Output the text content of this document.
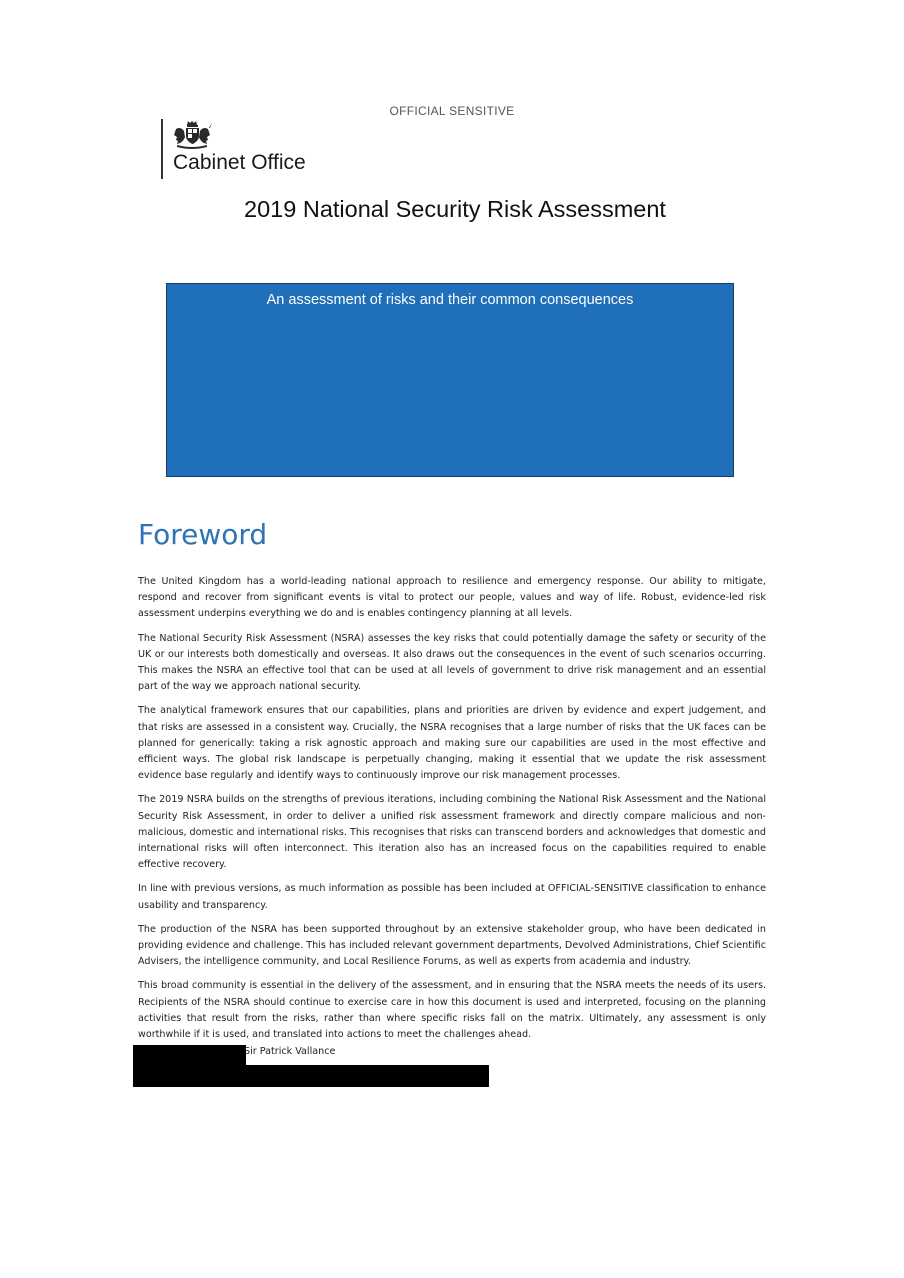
OFFICIAL SENSITIVE
Cabinet Office
2019 National Security Risk Assessment
An assessment of risks and their common consequences
Foreword

The United Kingdom has a world-leading national approach to resilience and emergency response. Our ability to mitigate, respond and recover from significant events is vital to protect our people, values and way of life. Robust, evidence-led risk assessment underpins everything we do and is enables contingency planning at all levels.

The National Security Risk Assessment (NSRA) assesses the key risks that could potentially damage the safety or security of the UK or our interests both domestically and overseas. It also draws out the consequences in the event of such scenarios occurring. This makes the NSRA an effective tool that can be used at all levels of government to drive risk management and an essential part of the way we approach national security.

The analytical framework ensures that our capabilities, plans and priorities are driven by evidence and expert judgement, and that risks are assessed in a consistent way. Crucially, the NSRA recognises that a large number of risks that the UK faces can be planned for generically: taking a risk agnostic approach and making sure our capabilities are used in the most effective and efficient ways. The global risk landscape is perpetually changing, making it essential that we update the risk assessment evidence base regularly and identify ways to continuously improve our risk management processes.

The 2019 NSRA builds on the strengths of previous iterations, including combining the National Risk Assessment and the National Security Risk Assessment, in order to deliver a unified risk assessment framework and directly compare malicious and non-malicious, domestic and international risks. This recognises that risks can transcend borders and acknowledges that domestic and international risks will often interconnect. This iteration also has an increased focus on the capabilities required to enable effective recovery.

In line with previous versions, as much information as possible has been included at OFFICIAL-SENSITIVE classification to enhance usability and transparency.

The production of the NSRA has been supported throughout by an extensive stakeholder group, who have been dedicated in providing evidence and challenge. This has included relevant government departments, Devolved Administrations, Chief Scientific Advisers, the intelligence community, and Local Resilience Forums, as well as experts from academia and industry.

This broad community is essential in the delivery of the assessment, and in ensuring that the NSRA meets the needs of its users. Recipients of the NSRA should continue to exercise care in how this document is used and interpreted, focusing on the planning activities that result from the risks, rather than where specific risks fall on the matrix. Ultimately, any assessment is only worthwhile if it is used, and translated into actions to meet the challenges ahead.

Sir Patrick Vallance
